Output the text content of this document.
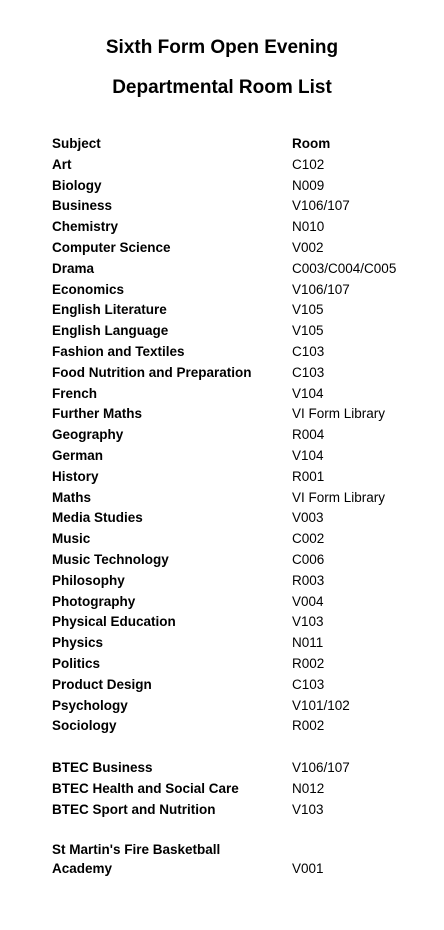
Sixth Form Open Evening
Departmental Room List
Subject	Room
Art	C102
Biology	N009
Business	V106/107
Chemistry	N010
Computer Science	V002
Drama	C003/C004/C005
Economics	V106/107
English Literature	V105
English Language	V105
Fashion and Textiles	C103
Food Nutrition and Preparation	C103
French	V104
Further Maths	VI Form Library
Geography	R004
German	V104
History	R001
Maths	VI Form Library
Media Studies	V003
Music	C002
Music Technology	C006
Philosophy	R003
Photography	V004
Physical Education	V103
Physics	N011
Politics	R002
Product Design	C103
Psychology	V101/102
Sociology	R002
BTEC Business	V106/107
BTEC Health and Social Care	N012
BTEC Sport and Nutrition	V103
St Martin's Fire Basketball Academy	V001
